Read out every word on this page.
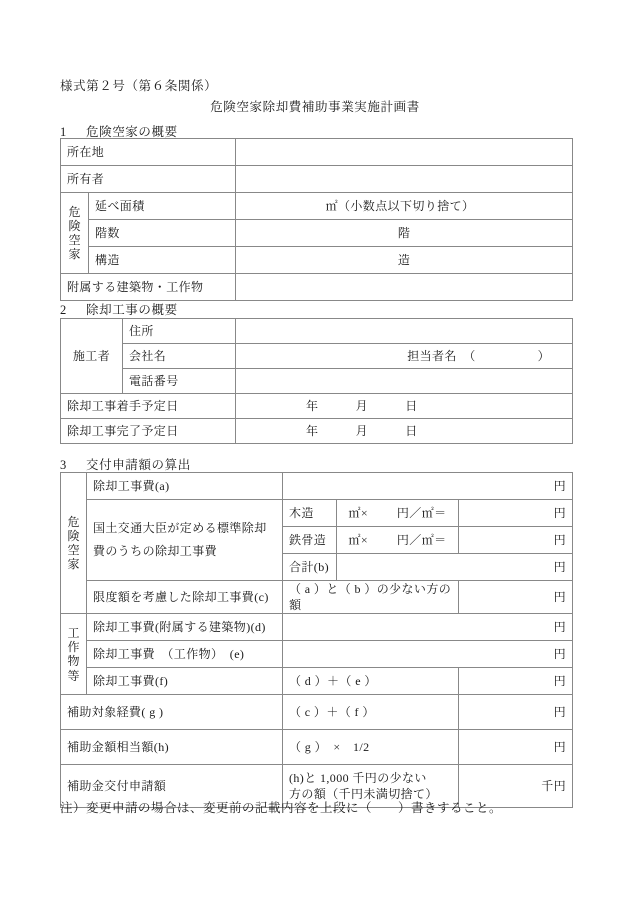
様式第２号（第６条関係）
危険空家除却費補助事業実施計画書
1 危険空家の概要
所在地		
所有者		

危
険
空
家	延べ面積	㎡（小数点以下切り捨て）
	階数	階
	構造	造
附属する建築物・工作物		
2 除却工事の概要
施工者	住所	
	会社名	担当者名　（　　　　　）
	電話番号	
除却工事着手予定日		年　　　月　　　日
除却工事完了予定日		年　　　月　　　日
3 交付申請額の算出
危
険
空
家	除却工事費(a)	円		

	国土交通大臣が定める標準除却
費のうちの除却工事費	木造	㎡× 円／㎡＝	円
		鉄骨造	㎡× 円／㎡＝	円
		合計(b)	円	
	限度額を考慮した除却工事費(c)	（ a ）と（ b ）の少ない方の額		円

工
作
物
等	除却工事費(附属する建築物)(d)	円		
	除却工事費　（工作物）　(e)	円		
	除却工事費(f)	（ d ）＋（ e ）		円
補助対象経費( g )		（ c ）＋（ f ）		円
補助金額相当額(h)		（ g ）　×　1/2		円
補助金交付申請額		(h)と 1,000 千円の少ない
方の額（千円未満切捨て）		千円
注）変更申請の場合は、変更前の記載内容を上段に（　　）書きすること。
